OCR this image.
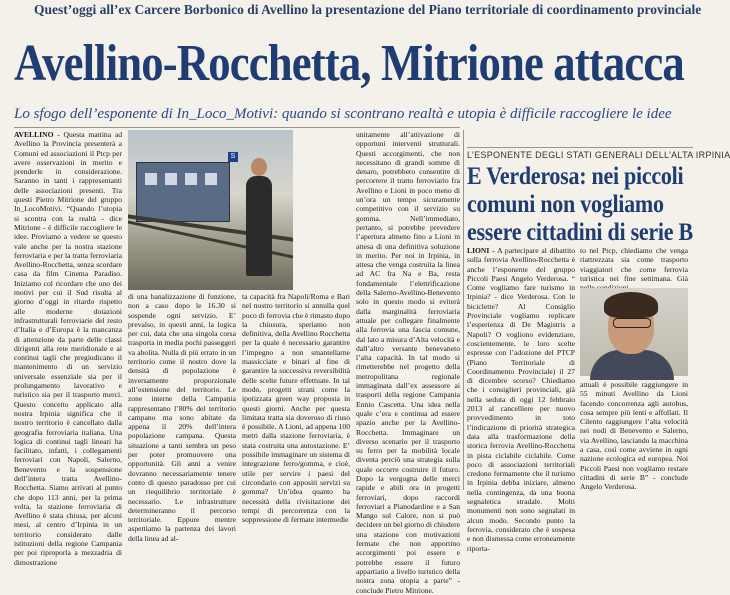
Quest’oggi all’ex Carcere Borbonico di Avellino la presentazione del Piano territoriale di coordinamento provinciale
Avellino-Rocchetta, Mitrione attacca
Lo sfogo dell’esponente di In_Loco_Motivi: quando si scontrano realtà e utopia è difficile raccogliere le idee

AVELLINO - Questa mattina ad Avellino la Provincia presenterà a Comuni ed associazioni il Ptcp per avere osservazioni in merito e prenderle in considerazione. Saranno in tanti i rappresentanti delle associazioni presenti. Tra questi Pietro Mitrione del gruppo In_LocoMotivi. “Quando l’utopia si scontra con la realtà - dice Mitrione - è difficile raccogliere le idee. Proviamo a vedere se questo vale anche per la nostra stazione ferroviaria e per la tratta ferroviaria Avellino-Rocchetta, senza scordare casa da film Cinema Paradiso. Iniziamo col ricordare che uno dei motivi per cui il Sud risulta al giorno d’oggi in ritardo rispetto alle moderne dotazioni infrastrutturali ferroviarie del resto d’Italia e d’Europa è la mancanza di attenzione da parte delle classi dirigenti alla rete meridionale e ai continui tagli che pregiudicano il mantenimento di un servizio universale essenziale sia per il prolungamento lavorativo e turistico sia per il trasporto merci. Questo concetto applicato alla nostra Irpinia significa che il nostro territorio è cancellato dalla geografia ferroviaria italiana. Una logica di continui tagli lineari ha facilitato, infatti, i collegamenti ferroviari con Napoli, Salerno, Benevento e la sospensione dell’intera tratta Avellino-Rocchetta. Siamo arrivati al punto che dopo 113 anni, per la prima volta, la stazione ferroviaria di Avellino è stata chiusa, per alcuni mesi, al centro d’Irpinia in un territorio considerato dalle istituzioni della regione Campania per poi riproporla a mezzadria di dimostrazione

S

di una banalizzazione di funzione, non a caso dopo le 16.30 si sospende ogni servizio. E’ prevalso, in questi anni, la logica per cui, data che una singola corsa trasporta in media pochi passeggeri va abolita. Nulla di più errato in un territorio come il nostro dove la densità di popolazione è inversamente proporzionale all’estensione del territorio. Le zone interne della Campania rappresentano l’80% del territorio campano ma sono abitate da appena il 20% dell’intera popolazione campana. Questa situazione a tanti sembra un peso per poter promuovere una opportunità. Gli anni a venire dovranno necessariamente tenere conto di questo paradosso per cui un riequilibrio territoriale è necessario. Le infrastrutture determineranno il percorso territoriale. Eppure mentre aspettiamo la partenza dei lavori della linea ad al-

ta capacità fra Napoli/Roma e Bari nel nostro territorio si annulla quel poco di ferrovia che è rimasto dopo la chiusura, speriamo non definitiva, della Avellino Rocchetta per la quale è necessario garantire l’impegno a non smantellarne massicciate e binari al fine di garantire la successiva reversibilità delle scelte future effettuate. In tal modo, progetti strani come la ipotizzata green way proposta in questi giorni. Anche per questa limitata tratta sia doveroso di riuso è possibile. A Lioni, ad appena 100 metri dalla stazione ferroviaria, è stata costruita una autostazione. E’ possibile immaginare un sistema di integrazione ferro/gomma, e cioè, utile per servire i paesi del circondario con appositi servizi su gomma? Un’idea quanto ha necessità della rivisitazione dei tempi di percorrenza con la soppressione di fermate intermedie

unitamente all’attivazione di opportuni interventi strutturali. Questi accorgimenti, che non necessitano di grandi somme di denaro, potrebbero consentire di percorrere il tratto ferroviario fra Avellino e Lioni in poco meno di un’ora un tempo sicuramente competitivo con il servizio su gomma. Nell’immediato, pertanto, si potrebbe prevedere l’apertura almeno fino a Lioni in attesa di una definitiva soluzione in merito. Per noi in Irpinia, in attesa che venga costruita la linea ad AC fra Na e Ba, resta fondamentale l’elettrificazione della Salerno-Avellino-Benevento solo in questo modo si eviterà dalla marginalità ferroviaria attuale per collegare finalmente alla ferrovia una fascia comune, dal lato a misura d’Alta velocità e dall’altro versante benevaneto l’alta capacità. In tal modo si rimetterebbe nel progetto della metropolitana regionale immaginata dall’ex assessore ai trasporti della regione Campania Ennio Cascetta. Una idea nella quale c’era e continua ad essere spazio anche per la Avellino-Rocchetta. Immaginare un diverso scenario per il trasporto su ferro per la mobilità locale diventa perciò una strategia sulla quale occorre costruire il futuro. Dopo la vergogna delle merci rapide e abili ora in progetti ferroviari, dopo raccordi ferroviari a Pianodardine e a San Mango sul Calore, non si può decidere un bel giorno di chiudere una stazione con motivazioni fermate che non apportino accorgimenti poi essere e potrebbe essere il futuro appartiatio a livello turistico della nostra zona utopia a parte” - conclude Pietro Mitrione.

L’ESPONENTE DEGLI STATI GENERALI DELL’ALTA IRPINIA
E Verderosa: nei piccoli
comuni non vogliamo
essere cittadini di serie B

LIONI - A partecipare al dibattito sulla ferrovia Avellino-Rocchetta è anche l’esponente del gruppo Piccoli Paesi Angelo Verderosa. “ Come vogliamo fare turismo in Irpinia? - dice Verderosa. Con le biciclette? Al Consiglio Provinciale vogliamo replicare l’esperienza di De Magistris a Napoli? O vogliono evidenziare, coscientemente, le loro scelte espresse con l’adozione del PTCP (Piano Territoriale di Coordinamento Provinciale) il 27 di dicembre scorso? Chiediamo che i consiglieri provinciali, già nella seduta di oggi 12 febbraio 2013 al cancelliere per nuovo provvedimento in toto l’indicazione di priorità strategica data alla trasformazione della storica ferrovia Avellino-Rocchetta in pista ciclabile ciclabile. Come poco di associazioni territoriali credono fermamente che il turismo in Irpinia debba iniziare, almeno nella contingenza, da una buona segnaletica stradale. Molti monumenti non sono segnalati in alcun modo. Secondo punto la ferrovia, considerato che è sospesa e non dismessa come erroneamente riporta-

to nel Ptcp, chiediamo che venga riattrezzata sia come trasporto viaggiatori che come ferrovia turistica nei fine settimana. Già

attuali è possibile raggiungere in 55 minuti Avellino da Lioni facendo concorrenza agli autobus, cosa sempre più lenti e affollati. Il Cilento raggiungere l’alta velocità nei nodi di Benevento e Salerno, via Avellino, lasciando la macchina a casa, così come avviene in ogni nazione ecologica ed europea. Noi Piccoli Paesi non vogliamo restare cittadini di serie B” - conclude Angelo Verderosa.
